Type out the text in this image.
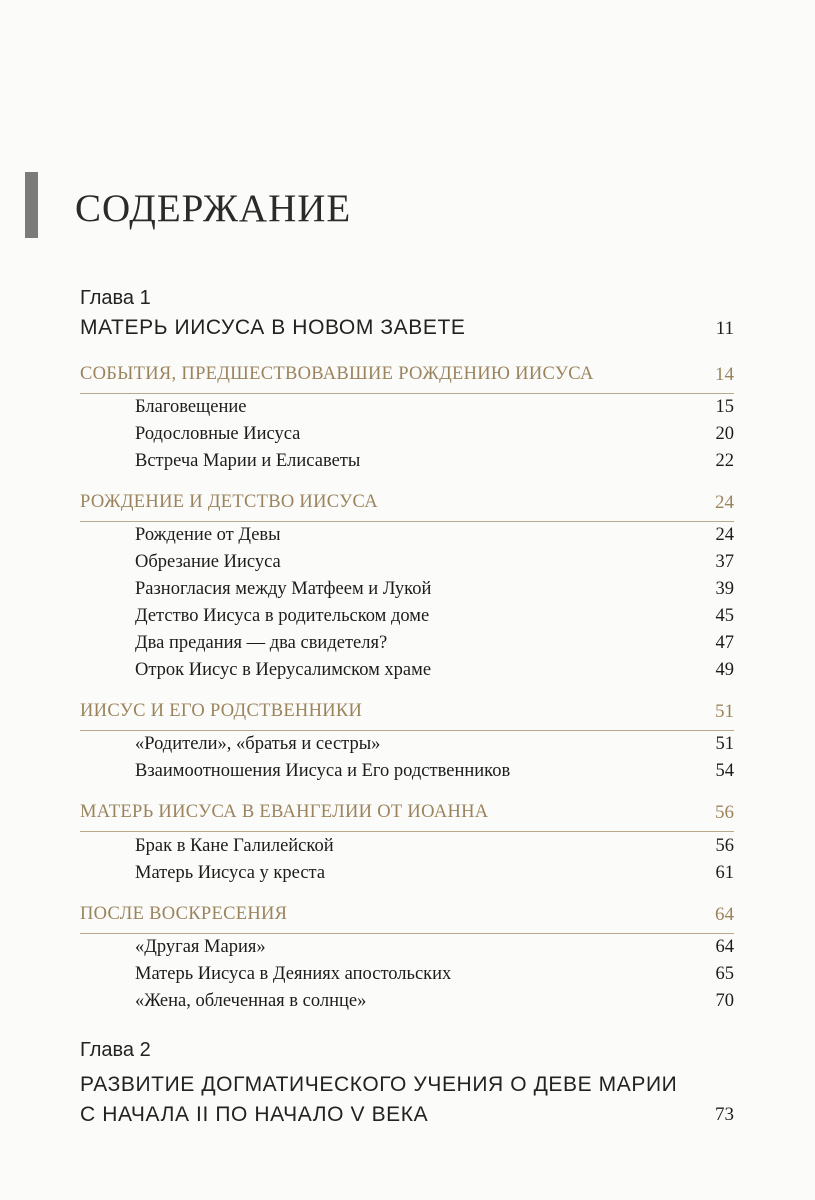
СОДЕРЖАНИЕ
Глава 1
МАТЕРЬ ИИСУСА В НОВОМ ЗАВЕТЕ	11
СОБЫТИЯ, ПРЕДШЕСТВОВАВШИЕ РОЖДЕНИЮ ИИСУСА	14
Благовещение	15
Родословные Иисуса	20
Встреча Марии и Елисаветы	22
РОЖДЕНИЕ И ДЕТСТВО ИИСУСА	24
Рождение от Девы	24
Обрезание Иисуса	37
Разногласия между Матфеем и Лукой	39
Детство Иисуса в родительском доме	45
Два предания — два свидетеля?	47
Отрок Иисус в Иерусалимском храме	49
ИИСУС И ЕГО РОДСТВЕННИКИ	51
«Родители», «братья и сестры»	51
Взаимоотношения Иисуса и Его родственников	54
МАТЕРЬ ИИСУСА В ЕВАНГЕЛИИ ОТ ИОАННА	56
Брак в Кане Галилейской	56
Матерь Иисуса у креста	61
ПОСЛЕ ВОСКРЕСЕНИЯ	64
«Другая Мария»	64
Матерь Иисуса в Деяниях апостольских	65
«Жена, облеченная в солнце»	70
Глава 2
РАЗВИТИЕ ДОГМАТИЧЕСКОГО УЧЕНИЯ О ДЕВЕ МАРИИ
С НАЧАЛА II ПО НАЧАЛО V ВЕКА	73
